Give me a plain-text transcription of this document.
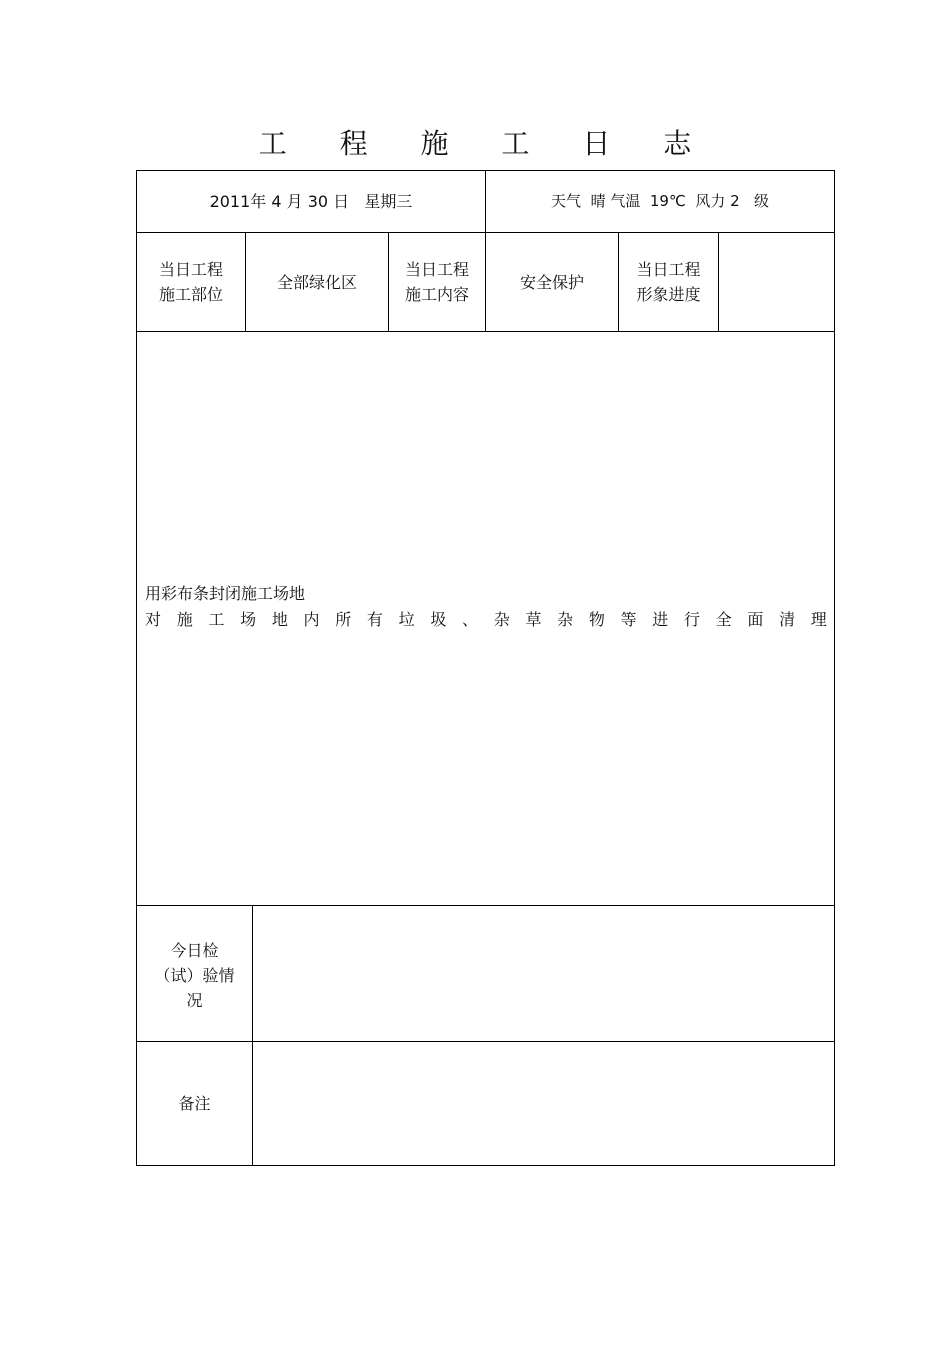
工 程 施 工 日 志
2011年 4 月 30 日   星期三	天气  晴 气温  19℃  风力 2   级
当日工程
施工部位
全部绿化区
当日工程
施工内容
安全保护
当日工程
形象进度
用彩布条封闭施工场地
对 施 工 场 地 内 所 有 垃 圾 、 杂 草 杂 物 等 进 行 全 面 清 理
今日检
（试）验情
况
备注
